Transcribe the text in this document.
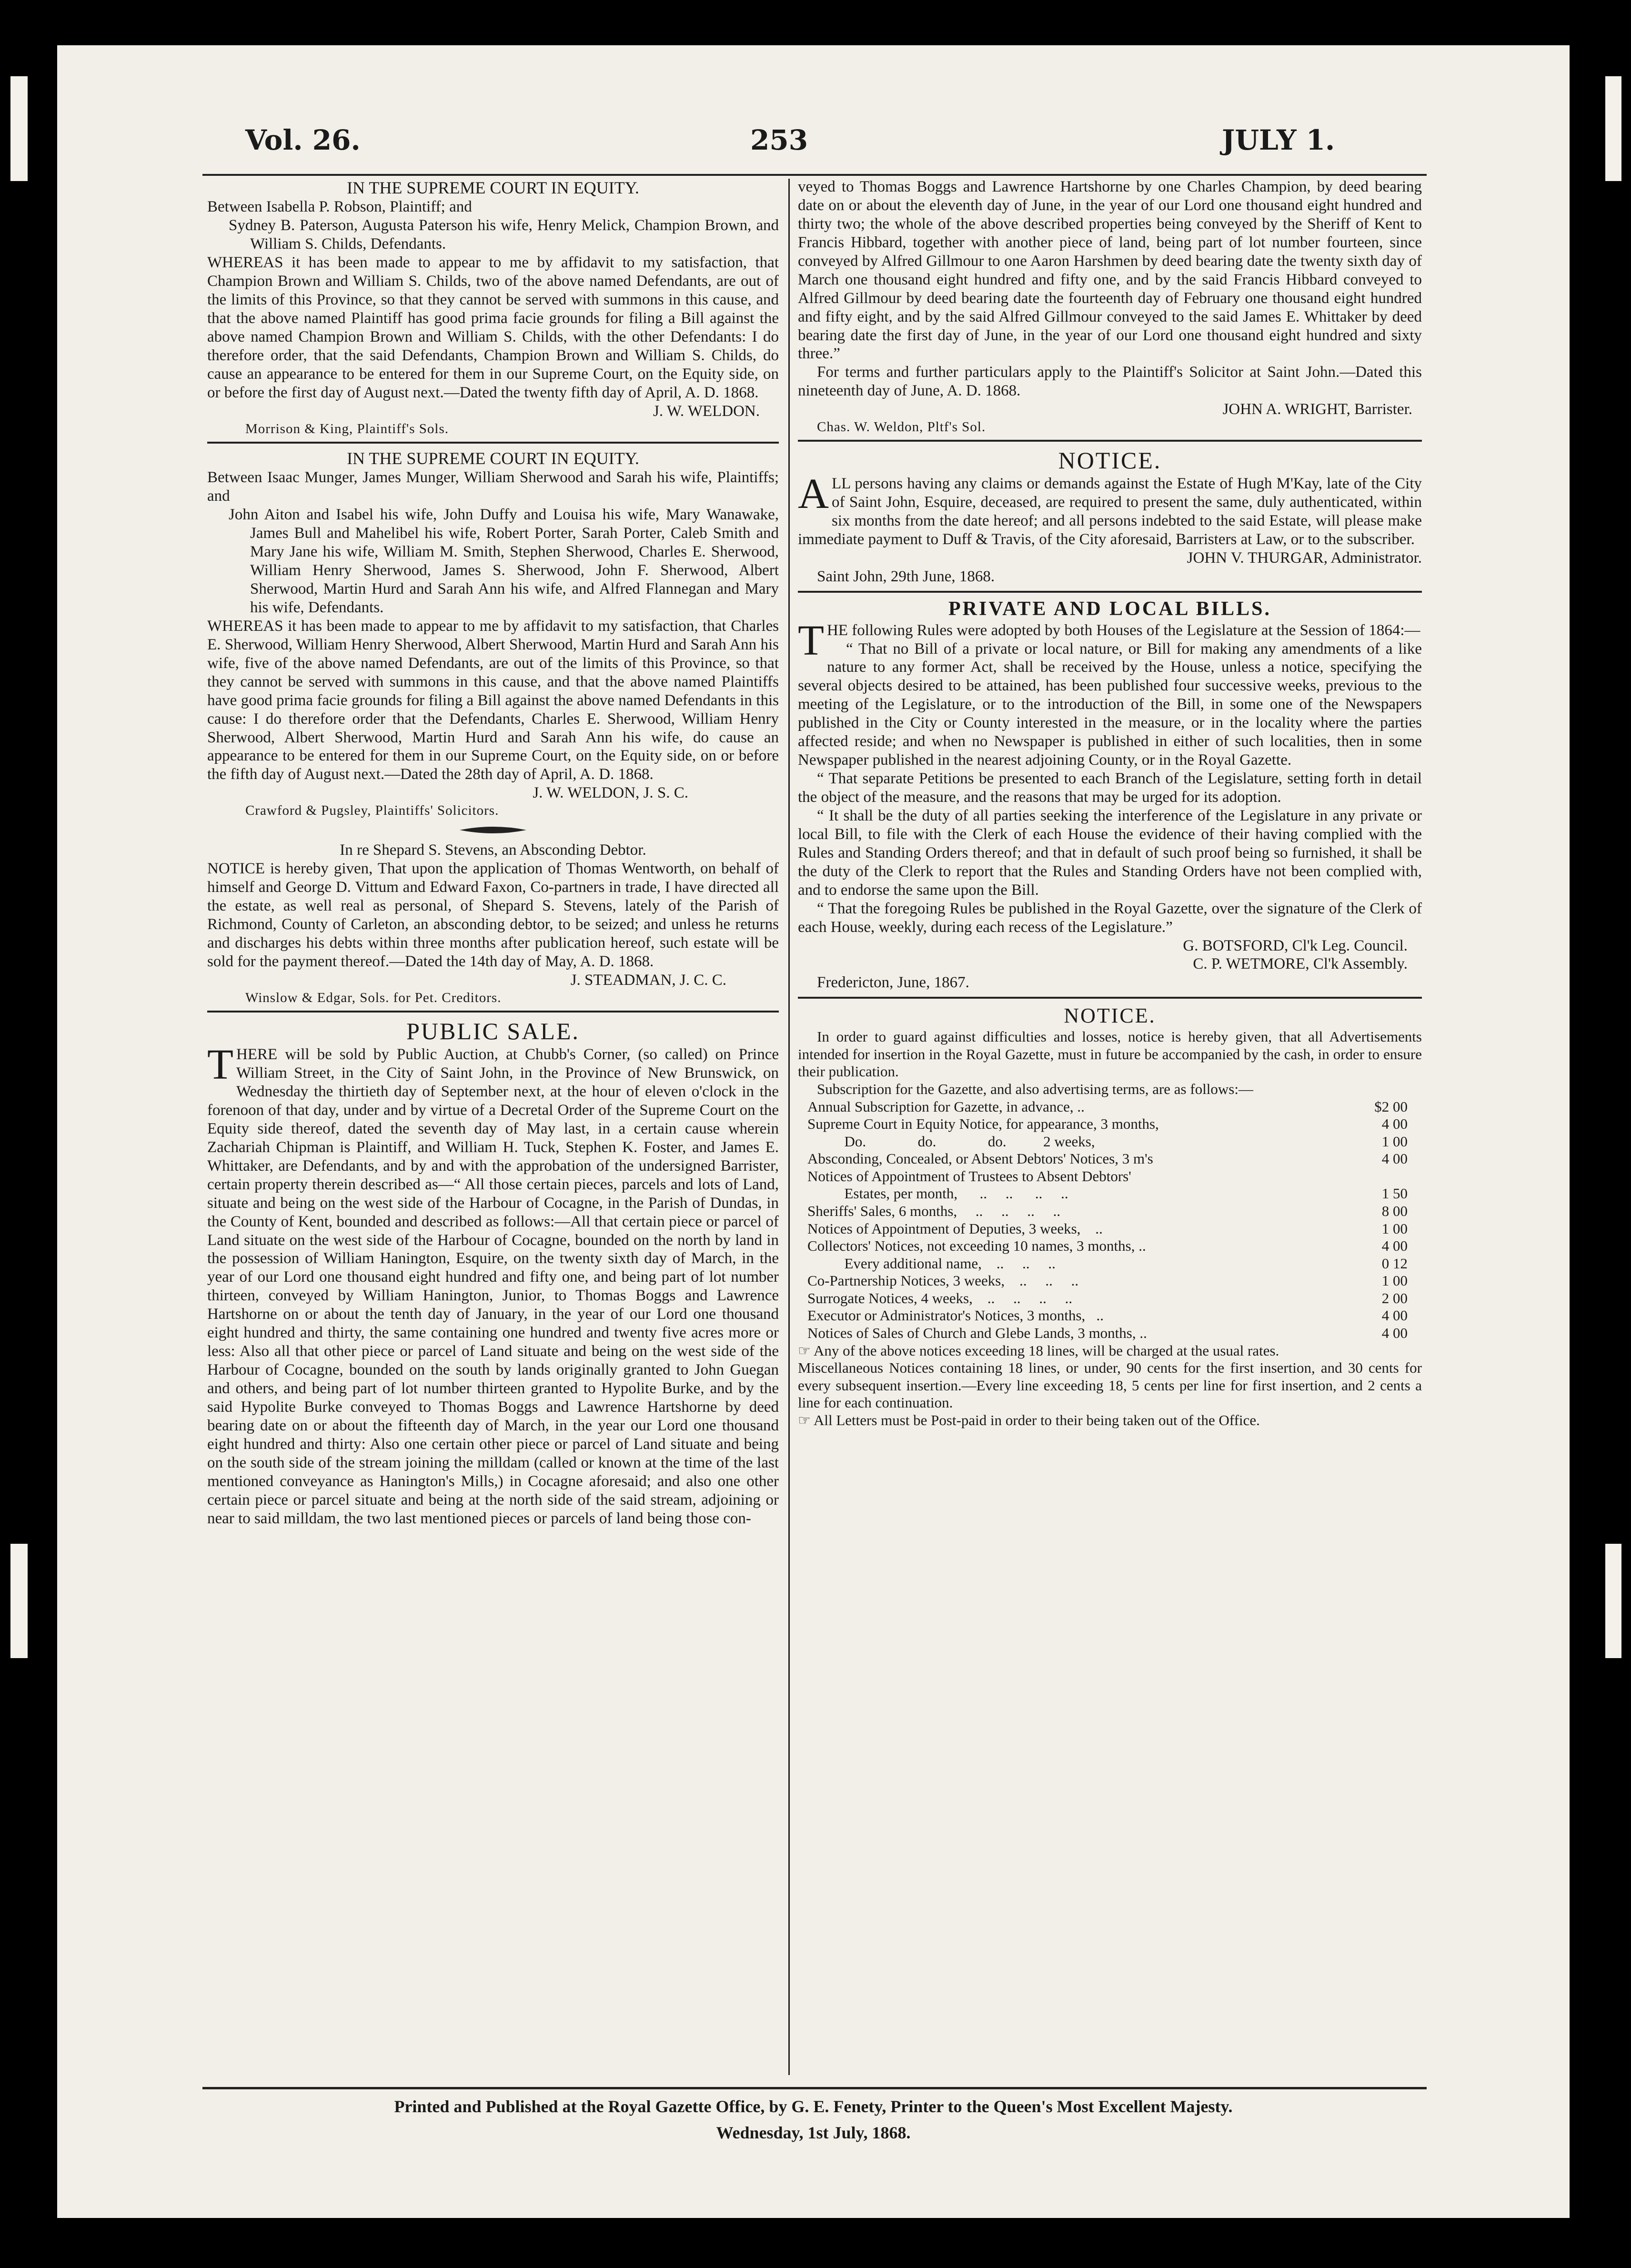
Vol. 26.	253	JULY 1.

IN THE SUPREME COURT IN EQUITY.

Between Isabella P. Robson, Plaintiff; and

Sydney B. Paterson, Augusta Paterson his wife, Henry Melick, Champion Brown, and William S. Childs, Defendants.

WHEREAS it has been made to appear to me by affidavit to my satisfaction, that Champion Brown and William S. Childs, two of the above named Defendants, are out of the limits of this Province, so that they cannot be served with summons in this cause, and that the above named Plaintiff has good prima facie grounds for filing a Bill against the above named Champion Brown and William S. Childs, with the other Defendants: I do therefore order, that the said Defendants, Champion Brown and William S. Childs, do cause an appearance to be entered for them in our Supreme Court, on the Equity side, on or before the first day of August next.—Dated the twenty fifth day of April, A. D. 1868.

J. W. WELDON.

Morrison & King, Plaintiff's Sols.

IN THE SUPREME COURT IN EQUITY.

Between Isaac Munger, James Munger, William Sherwood and Sarah his wife, Plaintiffs; and

John Aiton and Isabel his wife, John Duffy and Louisa his wife, Mary Wanawake, James Bull and Mahelibel his wife, Robert Porter, Sarah Porter, Caleb Smith and Mary Jane his wife, William M. Smith, Stephen Sherwood, Charles E. Sherwood, William Henry Sherwood, James S. Sherwood, John F. Sherwood, Albert Sherwood, Martin Hurd and Sarah Ann his wife, and Alfred Flannegan and Mary his wife, Defendants.

WHEREAS it has been made to appear to me by affidavit to my satisfaction, that Charles E. Sherwood, William Henry Sherwood, Albert Sherwood, Martin Hurd and Sarah Ann his wife, five of the above named Defendants, are out of the limits of this Province, so that they cannot be served with summons in this cause, and that the above named Plaintiffs have good prima facie grounds for filing a Bill against the above named Defendants in this cause: I do therefore order that the Defendants, Charles E. Sherwood, William Henry Sherwood, Albert Sherwood, Martin Hurd and Sarah Ann his wife, do cause an appearance to be entered for them in our Supreme Court, on the Equity side, on or before the fifth day of August next.—Dated the 28th day of April, A. D. 1868.

J. W. WELDON, J. S. C.

Crawford & Pugsley, Plaintiffs' Solicitors.

In re Shepard S. Stevens, an Absconding Debtor.

NOTICE is hereby given, That upon the application of Thomas Wentworth, on behalf of himself and George D. Vittum and Edward Faxon, Co-partners in trade, I have directed all the estate, as well real as personal, of Shepard S. Stevens, lately of the Parish of Richmond, County of Carleton, an absconding debtor, to be seized; and unless he returns and discharges his debts within three months after publication hereof, such estate will be sold for the payment thereof.—Dated the 14th day of May, A. D. 1868.

J. STEADMAN, J. C. C.

Winslow & Edgar, Sols. for Pet. Creditors.

PUBLIC SALE.

THERE will be sold by Public Auction, at Chubb's Corner, (so called) on Prince William Street, in the City of Saint John, in the Province of New Brunswick, on Wednesday the thirtieth day of September next, at the hour of eleven o'clock in the forenoon of that day, under and by virtue of a Decretal Order of the Supreme Court on the Equity side thereof, dated the seventh day of May last, in a certain cause wherein Zachariah Chipman is Plaintiff, and William H. Tuck, Stephen K. Foster, and James E. Whittaker, are Defendants, and by and with the approbation of the undersigned Barrister, certain property therein described as—“ All those certain pieces, parcels and lots of Land, situate and being on the west side of the Harbour of Cocagne, in the Parish of Dundas, in the County of Kent, bounded and described as follows:—All that certain piece or parcel of Land situate on the west side of the Harbour of Cocagne, bounded on the north by land in the possession of William Hanington, Esquire, on the twenty sixth day of March, in the year of our Lord one thousand eight hundred and fifty one, and being part of lot number thirteen, conveyed by William Hanington, Junior, to Thomas Boggs and Lawrence Hartshorne on or about the tenth day of January, in the year of our Lord one thousand eight hundred and thirty, the same containing one hundred and twenty five acres more or less: Also all that other piece or parcel of Land situate and being on the west side of the Harbour of Cocagne, bounded on the south by lands originally granted to John Guegan and others, and being part of lot number thirteen granted to Hypolite Burke, and by the said Hypolite Burke conveyed to Thomas Boggs and Lawrence Hartshorne by deed bearing date on or about the fifteenth day of March, in the year our Lord one thousand eight hundred and thirty: Also one certain other piece or parcel of Land situate and being on the south side of the stream joining the milldam (called or known at the time of the last mentioned conveyance as Hanington's Mills,) in Cocagne aforesaid; and also one other certain piece or parcel situate and being at the north side of the said stream, adjoining or near to said milldam, the two last mentioned pieces or parcels of land being those con-

veyed to Thomas Boggs and Lawrence Hartshorne by one Charles Champion, by deed bearing date on or about the eleventh day of June, in the year of our Lord one thousand eight hundred and thirty two; the whole of the above described properties being conveyed by the Sheriff of Kent to Francis Hibbard, together with another piece of land, being part of lot number fourteen, since conveyed by Alfred Gillmour to one Aaron Harshmen by deed bearing date the twenty sixth day of March one thousand eight hundred and fifty one, and by the said Francis Hibbard conveyed to Alfred Gillmour by deed bearing date the fourteenth day of February one thousand eight hundred and fifty eight, and by the said Alfred Gillmour conveyed to the said James E. Whittaker by deed bearing date the first day of June, in the year of our Lord one thousand eight hundred and sixty three.”

For terms and further particulars apply to the Plaintiff's Solicitor at Saint John.—Dated this nineteenth day of June, A. D. 1868.

JOHN A. WRIGHT, Barrister.

Chas. W. Weldon, Pltf's Sol.

NOTICE.

ALL persons having any claims or demands against the Estate of Hugh M'Kay, late of the City of Saint John, Esquire, deceased, are required to present the same, duly authenticated, within six months from the date hereof; and all persons indebted to the said Estate, will please make immediate payment to Duff & Travis, of the City aforesaid, Barristers at Law, or to the subscriber.

JOHN V. THURGAR, Administrator.

Saint John, 29th June, 1868.

PRIVATE AND LOCAL BILLS.

THE following Rules were adopted by both Houses of the Legislature at the Session of 1864:—

“ That no Bill of a private or local nature, or Bill for making any amendments of a like nature to any former Act, shall be received by the House, unless a notice, specifying the several objects desired to be attained, has been published four successive weeks, previous to the meeting of the Legislature, or to the introduction of the Bill, in some one of the Newspapers published in the City or County interested in the measure, or in the locality where the parties affected reside; and when no Newspaper is published in either of such localities, then in some Newspaper published in the nearest adjoining County, or in the Royal Gazette.

“ That separate Petitions be presented to each Branch of the Legislature, setting forth in detail the object of the measure, and the reasons that may be urged for its adoption.

“ It shall be the duty of all parties seeking the interference of the Legislature in any private or local Bill, to file with the Clerk of each House the evidence of their having complied with the Rules and Standing Orders thereof; and that in default of such proof being so furnished, it shall be the duty of the Clerk to report that the Rules and Standing Orders have not been complied with, and to endorse the same upon the Bill.

“ That the foregoing Rules be published in the Royal Gazette, over the signature of the Clerk of each House, weekly, during each recess of the Legislature.”

G. BOTSFORD, Cl'k Leg. Council.

C. P. WETMORE, Cl'k Assembly.

Fredericton, June, 1867.

NOTICE.

In order to guard against difficulties and losses, notice is hereby given, that all Advertisements intended for insertion in the Royal Gazette, must in future be accompanied by the cash, in order to ensure their publication.

Subscription for the Gazette, and also advertising terms, are as follows:—

Annual Subscription for Gazette, in advance, ..	$2 00
Supreme Court in Equity Notice, for appearance, 3 months,	4 00
Do.              do.              do.          2 weeks,	1 00
Absconding, Concealed, or Absent Debtors' Notices, 3 m's	4 00
Notices of Appointment of Trustees to Absent Debtors'
Estates, per month,      ..     ..      ..     ..	1 50
Sheriffs' Sales, 6 months,     ..     ..     ..     ..	8 00
Notices of Appointment of Deputies, 3 weeks,    ..	1 00
Collectors' Notices, not exceeding 10 names, 3 months, ..	4 00
Every additional name,    ..     ..     ..	0 12
Co-Partnership Notices, 3 weeks,    ..     ..     ..	1 00
Surrogate Notices, 4 weeks,    ..     ..     ..     ..	2 00
Executor or Administrator's Notices, 3 months,   ..	4 00
Notices of Sales of Church and Glebe Lands, 3 months, ..	4 00

☞ Any of the above notices exceeding 18 lines, will be charged at the usual rates.

Miscellaneous Notices containing 18 lines, or under, 90 cents for the first insertion, and 30 cents for every subsequent insertion.—Every line exceeding 18, 5 cents per line for first insertion, and 2 cents a line for each continuation.

☞ All Letters must be Post-paid in order to their being taken out of the Office.

Printed and Published at the Royal Gazette Office, by G. E. Fenety, Printer to the Queen's Most Excellent Majesty.
Wednesday, 1st July, 1868.
